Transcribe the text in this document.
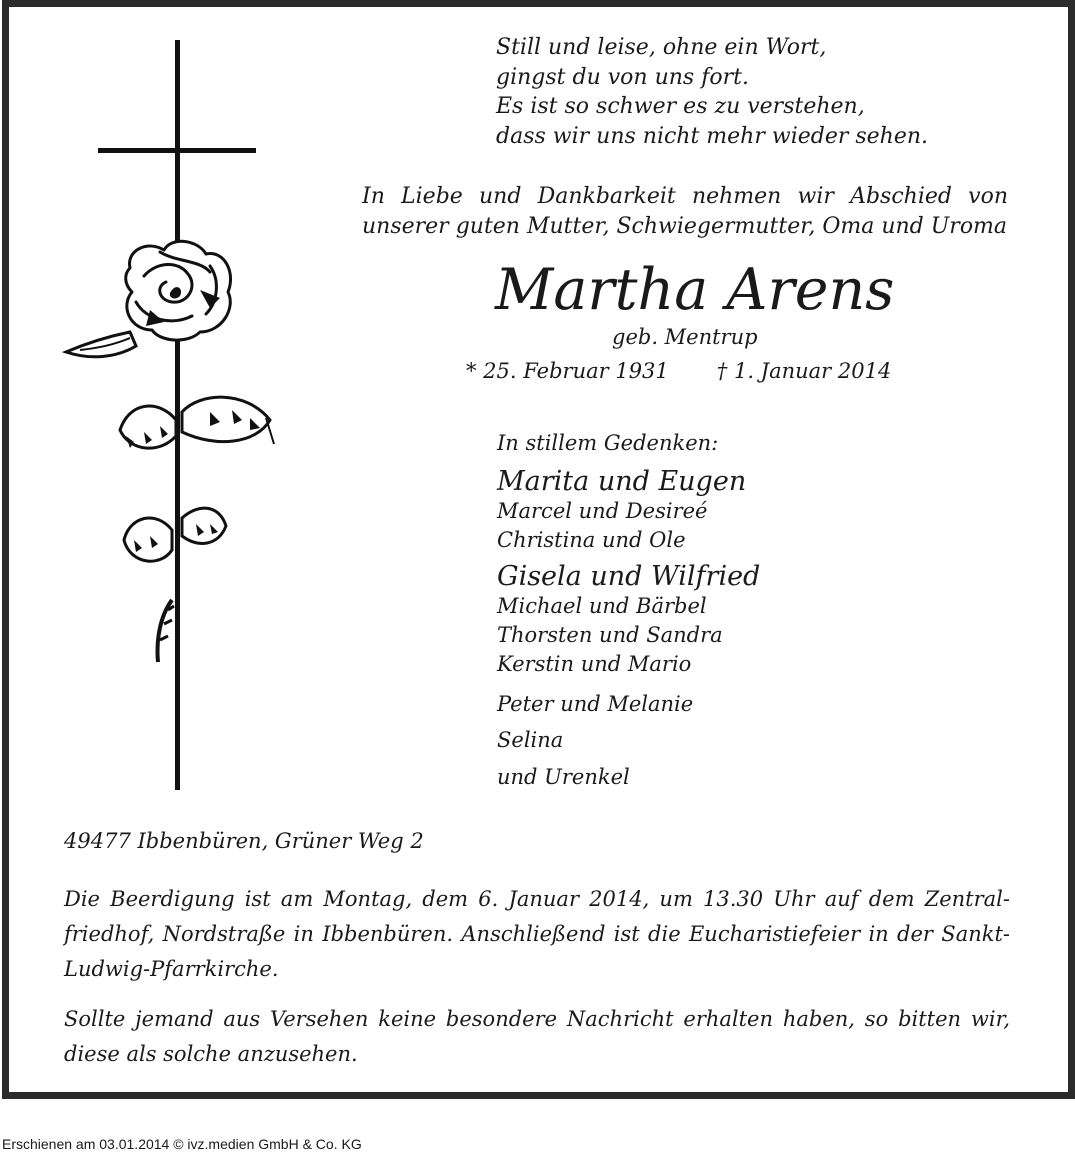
Still und leise, ohne ein Wort,
gingst du von uns fort.
Es ist so schwer es zu verstehen,
dass wir uns nicht mehr wieder sehen.
In Liebe und Dankbarkeit nehmen wir Abschied von
unserer guten Mutter, Schwiegermutter, Oma und Uroma
Martha Arens
geb. Mentrup
* 25. Februar 1931 † 1. Januar 2014
In stillem Gedenken:
Marita und Eugen
Marcel und Desireé
Christina und Ole
Gisela und Wilfried
Michael und Bärbel
Thorsten und Sandra
Kerstin und Mario
Peter und Melanie
Selina
und Urenkel
49477 Ibbenbüren, Grüner Weg 2
Die Beerdigung ist am Montag, dem 6. Januar 2014, um 13.30 Uhr auf dem Zentral-friedhof, Nordstraße in Ibbenbüren. Anschließend ist die Eucharistiefeier in der Sankt-Ludwig-Pfarrkirche.
Sollte jemand aus Versehen keine besondere Nachricht erhalten haben, so bitten wir, diese als solche anzusehen.
Erschienen am 03.01.2014 © ivz.medien GmbH & Co. KG
